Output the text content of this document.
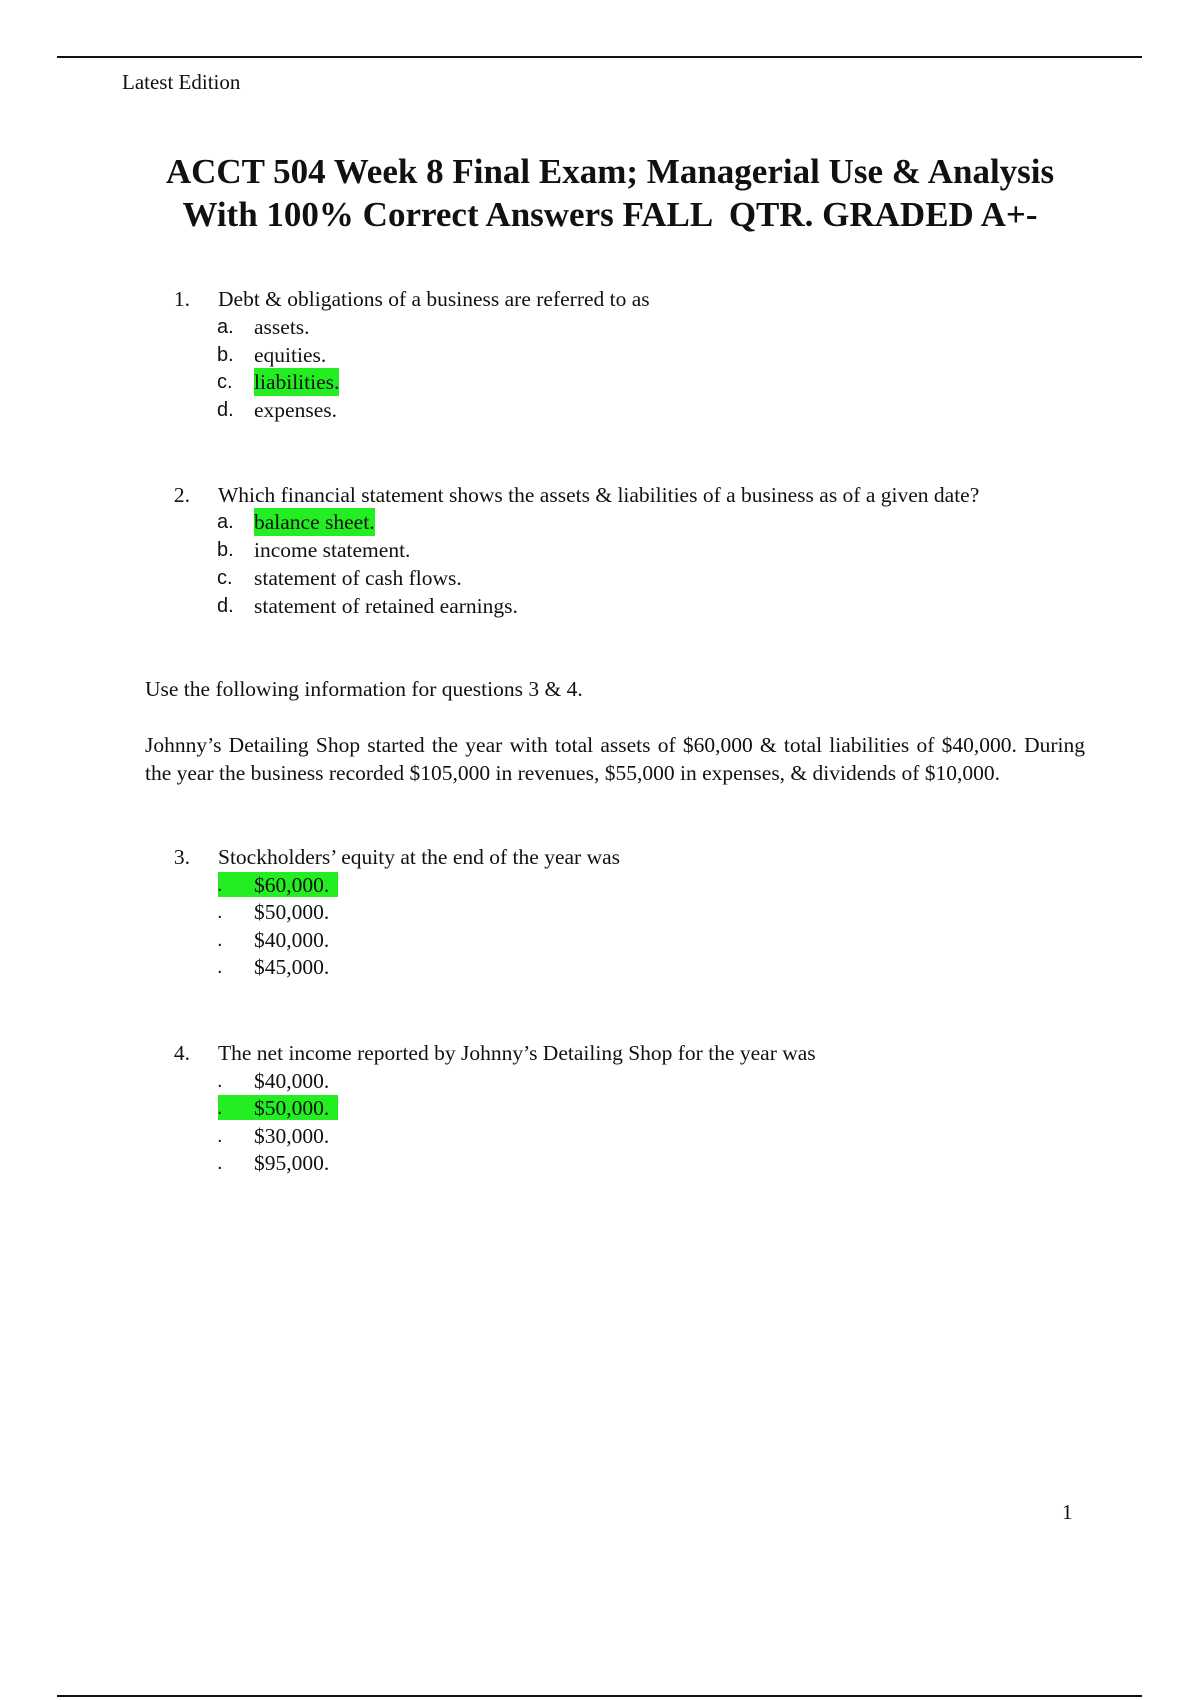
Latest Edition
ACCT 504 Week 8 Final Exam; Managerial Use & Analysis
With 100% Correct Answers FALL  QTR. GRADED A+-
1. Debt & obligations of a business are referred to as
a. assets.
b. equities.
c. liabilities.
d. expenses.
2. Which financial statement shows the assets & liabilities of a business as of a given date?
a. balance sheet.
b. income statement.
c. statement of cash flows.
d. statement of retained earnings.
Use the following information for questions 3 & 4.
Johnny’s Detailing Shop started the year with total assets of $60,000 & total liabilities of $40,000. During the year the business recorded $105,000 in revenues, $55,000 in expenses, & dividends of $10,000.
3. Stockholders’ equity at the end of the year was
. $60,000.
. $50,000.
. $40,000.
. $45,000.
4. The net income reported by Johnny’s Detailing Shop for the year was
. $40,000.
. $50,000.
. $30,000.
. $95,000.
1
